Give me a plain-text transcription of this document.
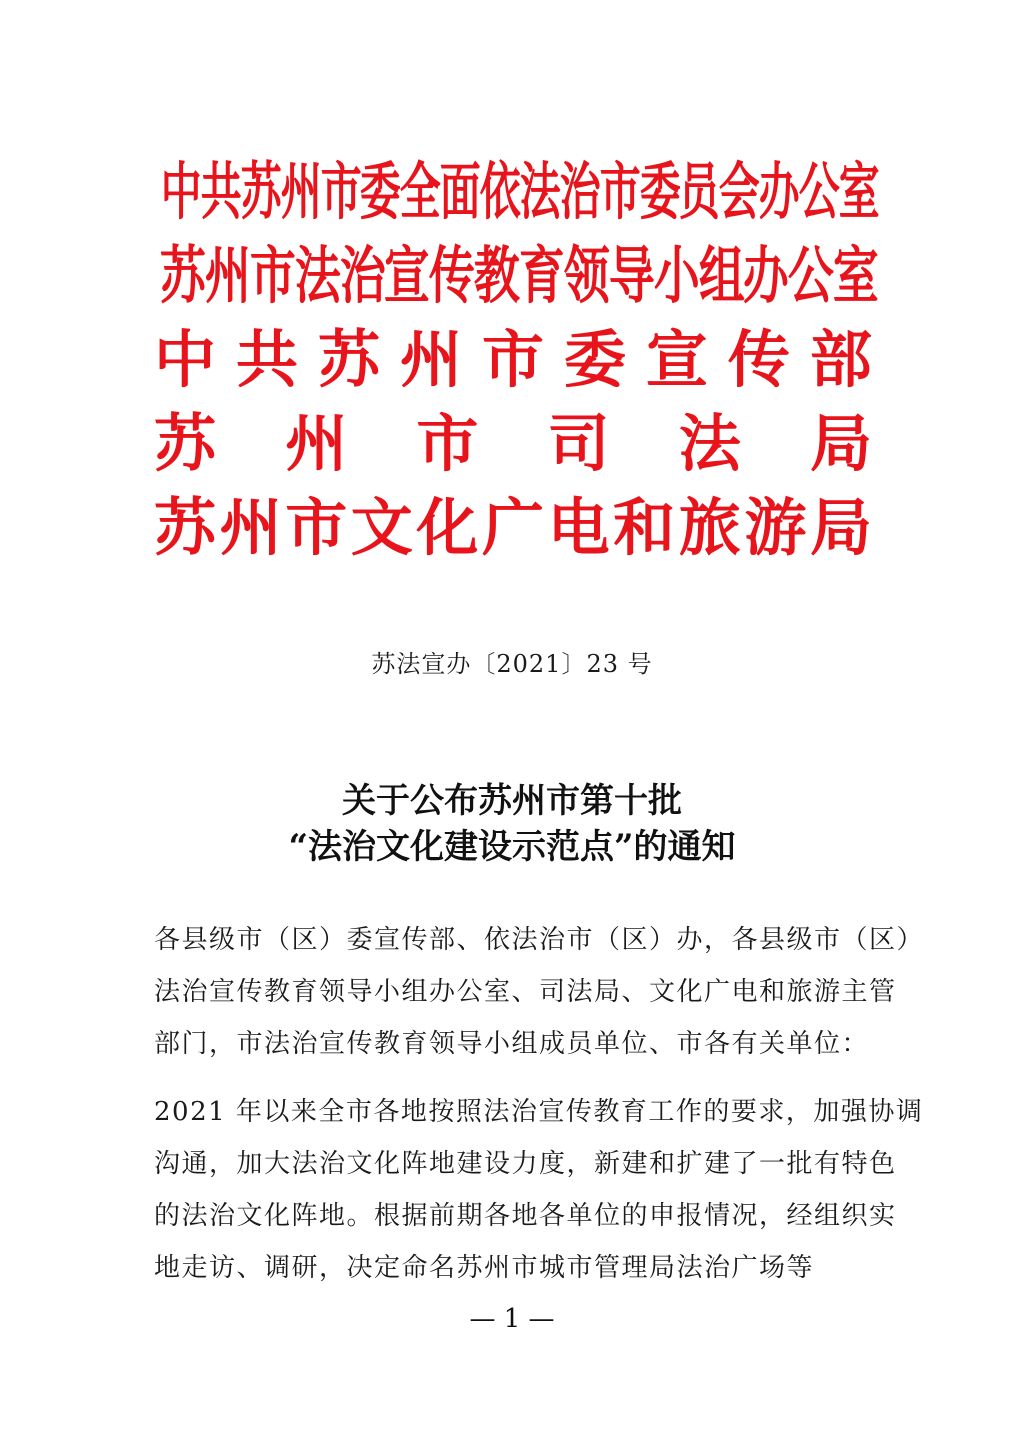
中
共
苏
州
市
委
全
面
依
法
治
市
委
员
会
办
公
室
苏
州
市
法
治
宣
传
教
育
领
导
小
组
办
公
室
中 共 苏 州 市 委 宣 传 部
苏 州 市 司 法 局
苏 州 市 文 化 广 电 和 旅 游 局
苏法宣办〔2021〕23 号
关于公布苏州市第十批
“法治文化建设示范点”的通知
各县级市（区）委宣传部、依法治市（区）办，各县级市（区）
法治宣传教育领导小组办公室、司法局、文化广电和旅游主管
部门，市法治宣传教育领导小组成员单位、市各有关单位：
2021 年以来全市各地按照法治宣传教育工作的要求，加强协调
沟通，加大法治文化阵地建设力度，新建和扩建了一批有特色
的法治文化阵地。根据前期各地各单位的申报情况，经组织实
地走访、调研，决定命名苏州市城市管理局法治广场等
— 1 —
